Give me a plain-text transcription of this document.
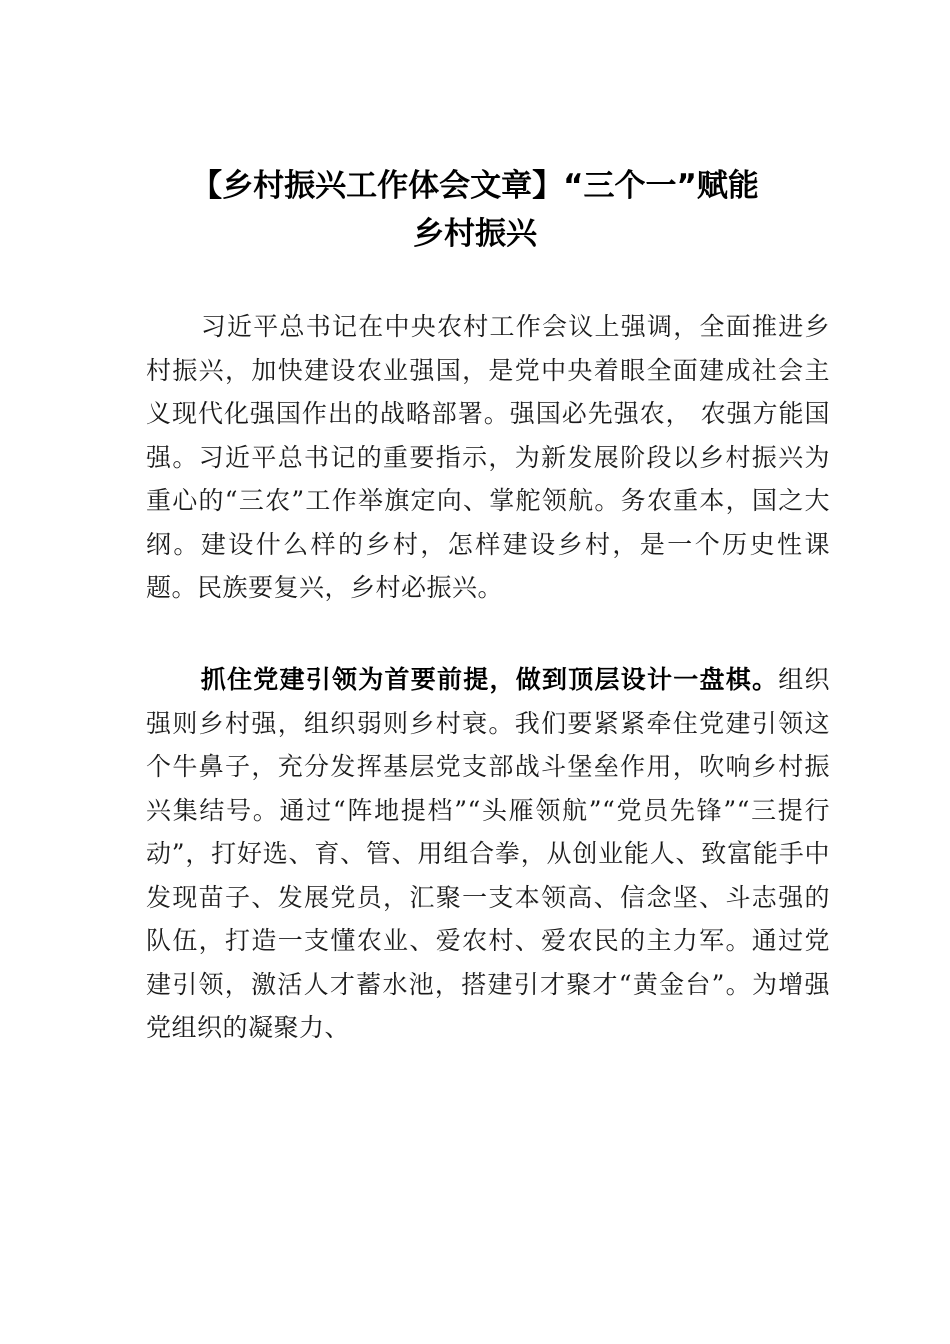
【乡村振兴工作体会文章】“三个一”赋能
乡村振兴

习近平总书记在中央农村工作会议上强调，全面推进乡村振兴，加快建设农业强国，是党中央着眼全面建成社会主义现代化强国作出的战略部署。强国必先强农， 农强方能国强。习近平总书记的重要指示，为新发展阶段以乡村振兴为重心的“三农”工作举旗定向、掌舵领航。务农重本，国之大纲。建设什么样的乡村，怎样建设乡村，是一个历史性课题。民族要复兴，乡村必振兴。

抓住党建引领为首要前提，做到顶层设计一盘棋。组织强则乡村强，组织弱则乡村衰。我们要紧紧牵住党建引领这个牛鼻子，充分发挥基层党支部战斗堡垒作用，吹响乡村振兴集结号。通过“阵地提档”“头雁领航”“党员先锋”“三提行动”，打好选、育、管、用组合拳，从创业能人、致富能手中发现苗子、发展党员，汇聚一支本领高、信念坚、斗志强的队伍，打造一支懂农业、爱农村、爱农民的主力军。通过党建引领，激活人才蓄水池，搭建引才聚才“黄金台”。为增强党组织的凝聚力、
